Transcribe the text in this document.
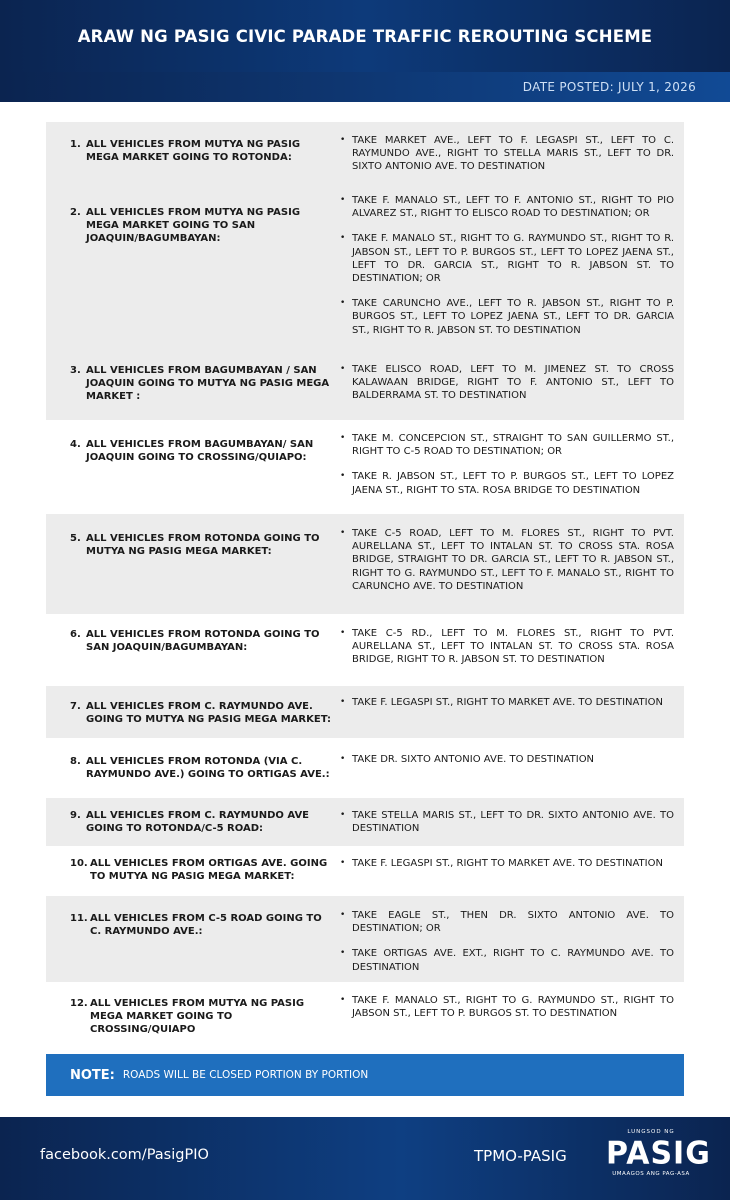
ARAW NG PASIG CIVIC PARADE TRAFFIC REROUTING SCHEME
DATE POSTED: JULY 1, 2026
1. ALL VEHICLES FROM MUTYA NG PASIG MEGA MARKET GOING TO ROTONDA:
• TAKE MARKET AVE., LEFT TO F. LEGASPI ST., LEFT TO C. RAYMUNDO AVE., RIGHT TO STELLA MARIS ST., LEFT TO DR. SIXTO ANTONIO AVE. TO DESTINATION
2. ALL VEHICLES FROM MUTYA NG PASIG MEGA MARKET GOING TO SAN JOAQUIN/BAGUMBAYAN:
• TAKE F. MANALO ST., LEFT TO F. ANTONIO ST., RIGHT TO PIO ALVAREZ ST., RIGHT TO ELISCO ROAD TO DESTINATION; OR
• TAKE F. MANALO ST., RIGHT TO G. RAYMUNDO ST., RIGHT TO R. JABSON ST., LEFT TO P. BURGOS ST., LEFT TO LOPEZ JAENA ST., LEFT TO DR. GARCIA ST., RIGHT TO R. JABSON ST. TO DESTINATION; OR
• TAKE CARUNCHO AVE., LEFT TO R. JABSON ST., RIGHT TO P. BURGOS ST., LEFT TO LOPEZ JAENA ST., LEFT TO DR. GARCIA ST., RIGHT TO R. JABSON ST. TO DESTINATION
3. ALL VEHICLES FROM BAGUMBAYAN / SAN JOAQUIN GOING TO MUTYA NG PASIG MEGA MARKET :
• TAKE ELISCO ROAD, LEFT TO M. JIMENEZ ST. TO CROSS KALAWAAN BRIDGE, RIGHT TO F. ANTONIO ST., LEFT TO BALDERRAMA ST. TO DESTINATION
4. ALL VEHICLES FROM BAGUMBAYAN/ SAN JOAQUIN GOING TO CROSSING/QUIAPO:
• TAKE M. CONCEPCION ST., STRAIGHT TO SAN GUILLERMO ST., RIGHT TO C-5 ROAD TO DESTINATION; OR
• TAKE R. JABSON ST., LEFT TO P. BURGOS ST., LEFT TO LOPEZ JAENA ST., RIGHT TO STA. ROSA BRIDGE TO DESTINATION
5. ALL VEHICLES FROM ROTONDA GOING TO MUTYA NG PASIG MEGA MARKET:
• TAKE C-5 ROAD, LEFT TO M. FLORES ST., RIGHT TO PVT. AURELLANA ST., LEFT TO INTALAN ST. TO CROSS STA. ROSA BRIDGE, STRAIGHT TO DR. GARCIA ST., LEFT TO R. JABSON ST., RIGHT TO G. RAYMUNDO ST., LEFT TO F. MANALO ST., RIGHT TO CARUNCHO AVE. TO DESTINATION
6. ALL VEHICLES FROM ROTONDA GOING TO SAN JOAQUIN/BAGUMBAYAN:
• TAKE C-5 RD., LEFT TO M. FLORES ST., RIGHT TO PVT. AURELLANA ST., LEFT TO INTALAN ST. TO CROSS STA. ROSA BRIDGE, RIGHT TO R. JABSON ST. TO DESTINATION
7. ALL VEHICLES FROM C. RAYMUNDO AVE. GOING TO MUTYA NG PASIG MEGA MARKET:
• TAKE F. LEGASPI ST., RIGHT TO MARKET AVE. TO DESTINATION
8. ALL VEHICLES FROM ROTONDA (VIA C. RAYMUNDO AVE.) GOING TO ORTIGAS AVE.:
• TAKE DR. SIXTO ANTONIO AVE. TO DESTINATION
9. ALL VEHICLES FROM C. RAYMUNDO AVE GOING TO ROTONDA/C-5 ROAD:
• TAKE STELLA MARIS ST., LEFT TO DR. SIXTO ANTONIO AVE. TO DESTINATION
10. ALL VEHICLES FROM ORTIGAS AVE. GOING TO MUTYA NG PASIG MEGA MARKET:
• TAKE F. LEGASPI ST., RIGHT TO MARKET AVE. TO DESTINATION
11. ALL VEHICLES FROM C-5 ROAD GOING TO C. RAYMUNDO AVE.:
• TAKE EAGLE ST., THEN DR. SIXTO ANTONIO AVE. TO DESTINATION; OR
• TAKE ORTIGAS AVE. EXT., RIGHT TO C. RAYMUNDO AVE. TO DESTINATION
12. ALL VEHICLES FROM MUTYA NG PASIG MEGA MARKET GOING TO CROSSING/QUIAPO
• TAKE F. MANALO ST., RIGHT TO G. RAYMUNDO ST., RIGHT TO JABSON ST., LEFT TO P. BURGOS ST. TO DESTINATION
NOTE: ROADS WILL BE CLOSED PORTION BY PORTION
facebook.com/PasigPIO	TPMO-PASIG
LUNGSOD NG
PASIG
UMAAGOS ANG PAG-ASA
